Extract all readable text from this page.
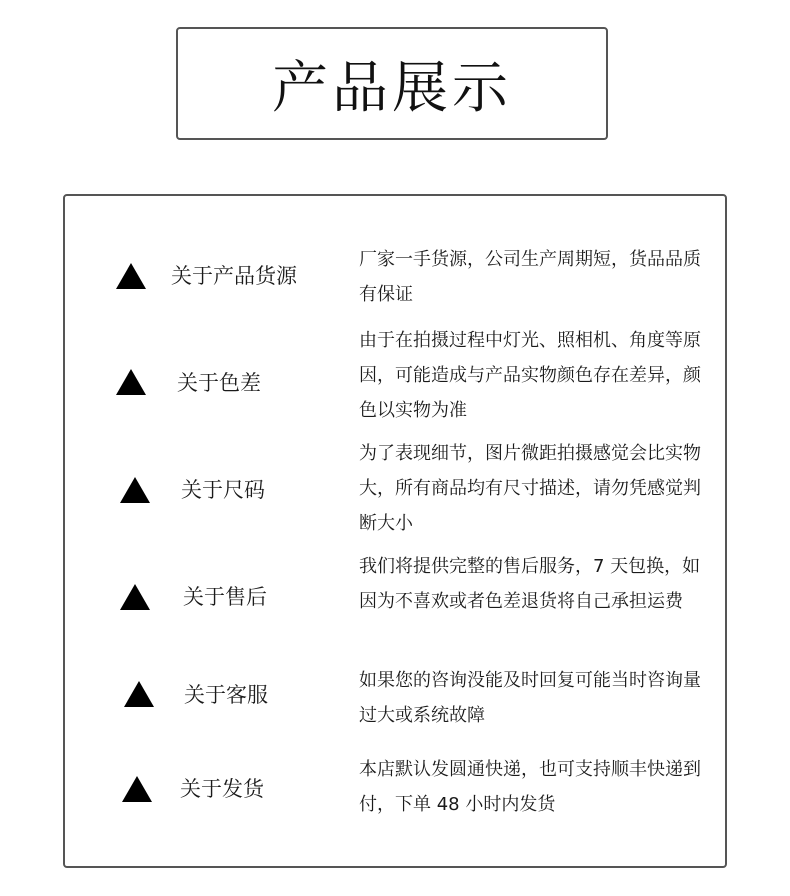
产品展示
关于产品货源
厂家一手货源，公司生产周期短，货品品质有保证
关于色差
由于在拍摄过程中灯光、照相机、角度等原因，可能造成与产品实物颜色存在差异，颜色以实物为准
关于尺码
为了表现细节，图片微距拍摄感觉会比实物大，所有商品均有尺寸描述，请勿凭感觉判断大小
关于售后
我们将提供完整的售后服务，7 天包换，如因为不喜欢或者色差退货将自己承担运费
关于客服
如果您的咨询没能及时回复可能当时咨询量过大或系统故障
关于发货
本店默认发圆通快递，也可支持顺丰快递到付，下单 48 小时内发货
